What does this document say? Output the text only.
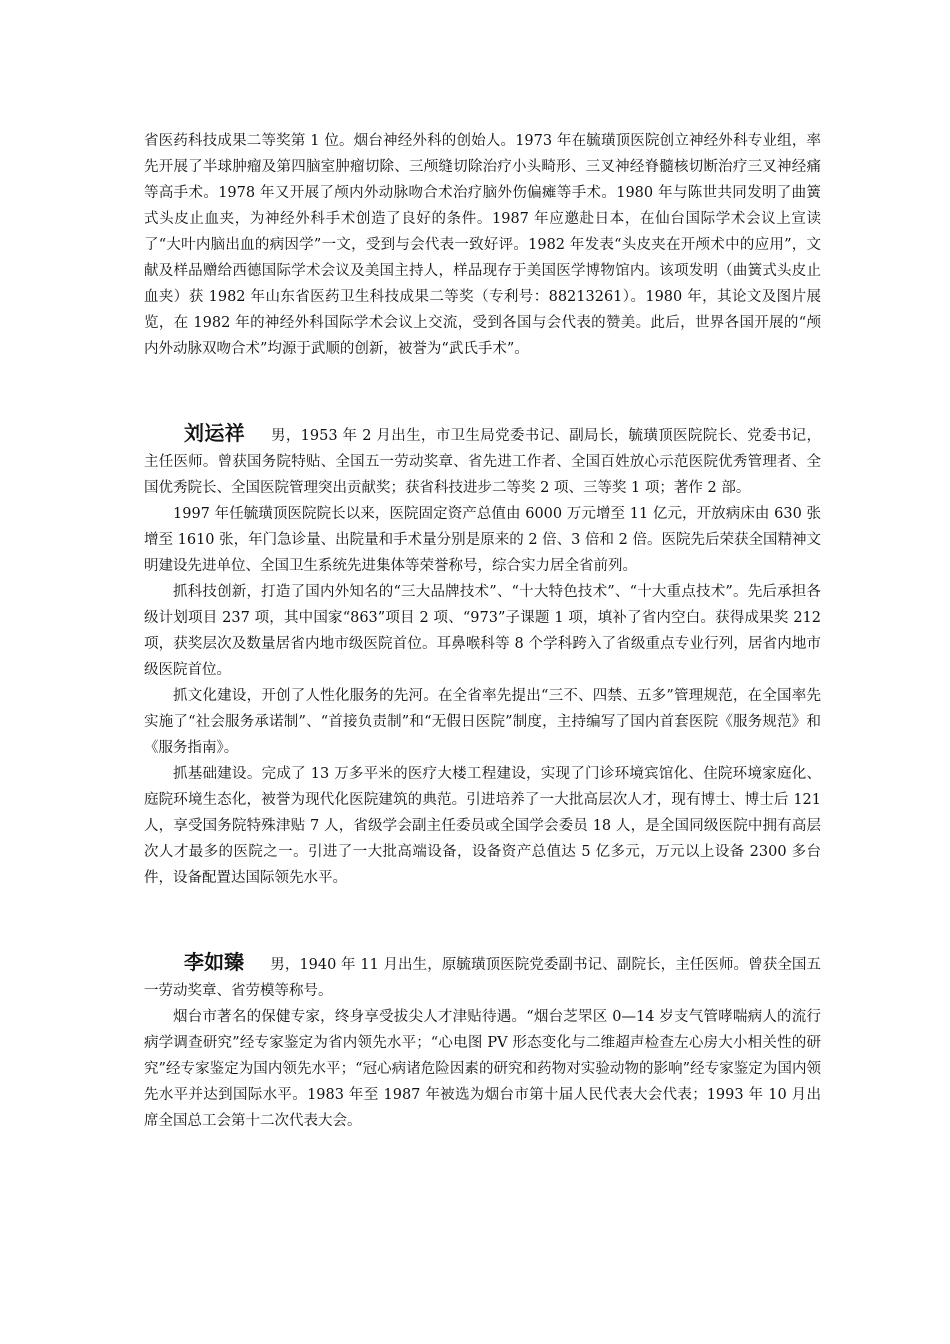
省医药科技成果二等奖第 1 位。烟台神经外科的创始人。1973 年在毓璜顶医院创立神经外科专业组，率先开展了半球肿瘤及第四脑室肿瘤切除、三颅缝切除治疗小头畸形、三叉神经脊髓核切断治疗三叉神经痛等高手术。1978 年又开展了颅内外动脉吻合术治疗脑外伤偏瘫等手术。1980 年与陈世共同发明了曲簧式头皮止血夹，为神经外科手术创造了良好的条件。1987 年应邀赴日本，在仙台国际学术会议上宣读了“大叶内脑出血的病因学”一文，受到与会代表一致好评。1982 年发表“头皮夹在开颅术中的应用”，文献及样品赠给西德国际学术会议及美国主持人，样品现存于美国医学博物馆内。该项发明（曲簧式头皮止血夹）获 1982 年山东省医药卫生科技成果二等奖（专利号：88213261）。1980 年，其论文及图片展览，在 1982 年的神经外科国际学术会议上交流，受到各国与会代表的赞美。此后，世界各国开展的“颅内外动脉双吻合术”均源于武顺的创新，被誉为“武氏手术”。

刘运祥 男，1953 年 2 月出生，市卫生局党委书记、副局长，毓璜顶医院院长、党委书记，主任医师。曾获国务院特贴、全国五一劳动奖章、省先进工作者、全国百姓放心示范医院优秀管理者、全国优秀院长、全国医院管理突出贡献奖；获省科技进步二等奖 2 项、三等奖 1 项；著作 2 部。

1997 年任毓璜顶医院院长以来，医院固定资产总值由 6000 万元增至 11 亿元，开放病床由 630 张增至 1610 张，年门急诊量、出院量和手术量分别是原来的 2 倍、3 倍和 2 倍。医院先后荣获全国精神文明建设先进单位、全国卫生系统先进集体等荣誉称号，综合实力居全省前列。

抓科技创新，打造了国内外知名的“三大品牌技术”、“十大特色技术”、“十大重点技术”。先后承担各级计划项目 237 项，其中国家“863”项目 2 项、“973”子课题 1 项，填补了省内空白。获得成果奖 212 项，获奖层次及数量居省内地市级医院首位。耳鼻喉科等 8 个学科跨入了省级重点专业行列，居省内地市级医院首位。

抓文化建设，开创了人性化服务的先河。在全省率先提出“三不、四禁、五多”管理规范，在全国率先实施了“社会服务承诺制”、“首接负责制”和“无假日医院”制度，主持编写了国内首套医院《服务规范》和《服务指南》。

抓基础建设。完成了 13 万多平米的医疗大楼工程建设，实现了门诊环境宾馆化、住院环境家庭化、庭院环境生态化，被誉为现代化医院建筑的典范。引进培养了一大批高层次人才，现有博士、博士后 121 人，享受国务院特殊津贴 7 人，省级学会副主任委员或全国学会委员 18 人，是全国同级医院中拥有高层次人才最多的医院之一。引进了一大批高端设备，设备资产总值达 5 亿多元，万元以上设备 2300 多台件，设备配置达国际领先水平。

李如臻 男，1940 年 11 月出生，原毓璜顶医院党委副书记、副院长，主任医师。曾获全国五一劳动奖章、省劳模等称号。

烟台市著名的保健专家，终身享受拔尖人才津贴待遇。“烟台芝罘区 0—14 岁支气管哮喘病人的流行病学调查研究”经专家鉴定为省内领先水平；“心电图 PV 形态变化与二维超声检查左心房大小相关性的研究”经专家鉴定为国内领先水平；“冠心病诸危险因素的研究和药物对实验动物的影响”经专家鉴定为国内领先水平并达到国际水平。1983 年至 1987 年被选为烟台市第十届人民代表大会代表；1993 年 10 月出席全国总工会第十二次代表大会。
